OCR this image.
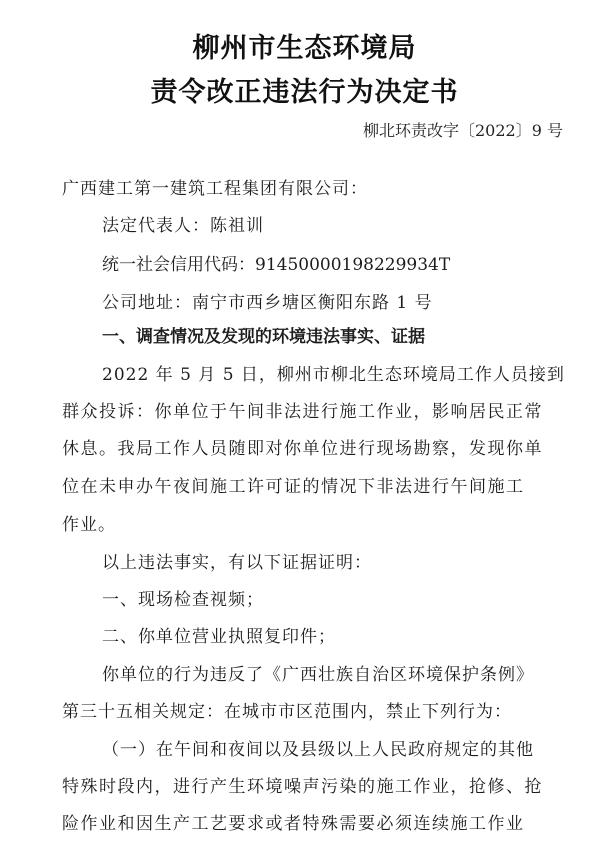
柳州市生态环境局
责令改正违法行为决定书
柳北环责改字〔2022〕9 号
广西建工第一建筑工程集团有限公司：
法定代表人：陈祖训
统一社会信用代码：91450000198229934T
公司地址：南宁市西乡塘区衡阳东路 1 号
一、调查情况及发现的环境违法事实、证据
2022 年 5 月 5 日，柳州市柳北生态环境局工作人员接到
群众投诉：你单位于午间非法进行施工作业，影响居民正常
休息。我局工作人员随即对你单位进行现场勘察，发现你单
位在未申办午夜间施工许可证的情况下非法进行午间施工
作业。
以上违法事实，有以下证据证明：
一、现场检查视频；
二、你单位营业执照复印件；
你单位的行为违反了《广西壮族自治区环境保护条例》
第三十五相关规定：在城市市区范围内，禁止下列行为：
（一）在午间和夜间以及县级以上人民政府规定的其他
特殊时段内，进行产生环境噪声污染的施工作业，抢修、抢
险作业和因生产工艺要求或者特殊需要必须连续施工作业
